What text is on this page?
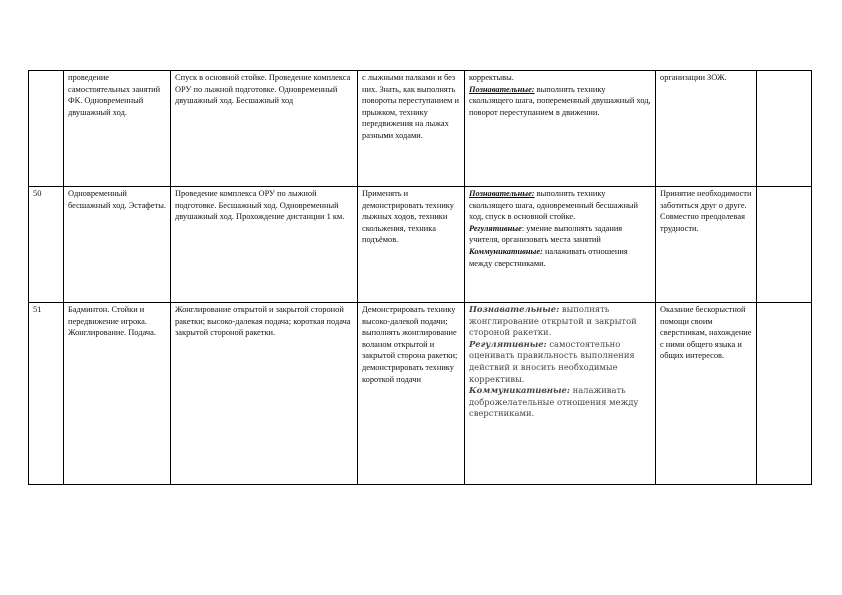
	проведение самостоятельных занятий ФК. Одновременный двушажный ход.	Спуск в основной стойке. Проведение комплекса ОРУ по лыжной подготовке. Одновременный двушажный ход. Бесшажный ход	с лыжными палками и без них. Знать, как выполнять повороты переступанием и прыжком, технику передвижения на лыжах разными ходами.	корректывы.
Познавательные: выполнять технику скользящего шага, попеременный двушажный ход, поворот переступанием в движении.	организации ЗОЖ.	
50	Одновременный бесшажный ход. Эстафеты.	Проведение комплекса ОРУ по лыжной подготовке. Бесшажный ход. Одновременный двушажный ход. Прохождение дистанции 1 км.	Применять и демонстрировать технику лыжных ходов, техники скольжения, техника подъёмов.	Познавательные: выполнять технику скользящего шага, одновременный бесшажный ход, спуск в основной стойке.
Регулятивные: умение выполнять задания учителя, организовать места занятий
Коммуникативные: налаживать отношения между сверстниками.	Принятие необходимости заботиться друг о друге. Совместно преодолевая трудности.	
51	Бадминтон. Стойки и передвижение игрока. Жонглирование. Подача.	Жонглирование открытой и закрытой стороной ракетки; высоко-далекая подача; короткая подача закрытой стороной ракетки.	Демонстрировать технику высоко-далекой подачи; выполнять жонглирование воланом открытой и закрытой сторона ракетки; демонстрировать технику короткой подачи	Познавательные: выполнять жонглирование открытой и закрытой стороной ракетки.
Регулятивные: самостоятельно оценивать правильность выполнения действий и вносить необходимые коррективы.
Коммуникативные: налаживать доброжелательные отношения между сверстниками.	Оказание бескорыстной помощи своим сверстникам, нахождение с ними общего языка и общих интересов.	
